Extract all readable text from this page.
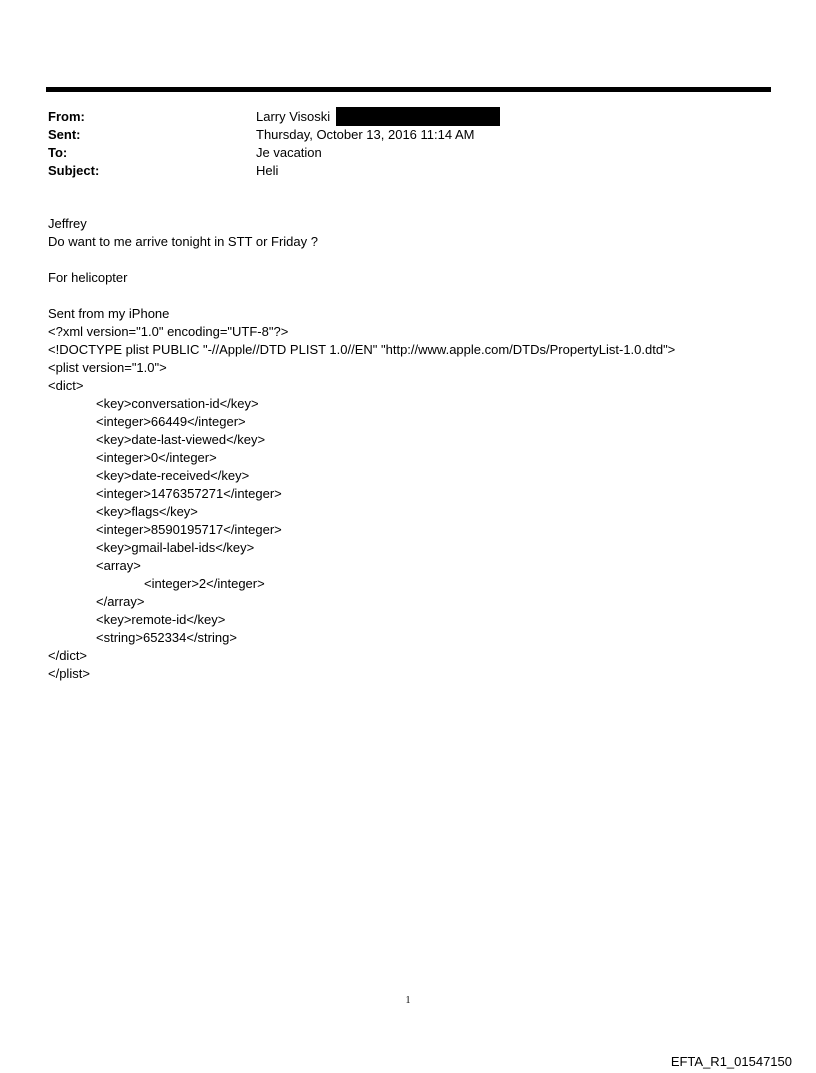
From:	Larry Visoski
Sent:	Thursday, October 13, 2016 11:14 AM
To:	Je vacation
Subject:	Heli
Jeffrey
Do want to me arrive tonight in STT or Friday ?
For helicopter
Sent from my iPhone
<?xml version="1.0" encoding="UTF-8"?>
<!DOCTYPE plist PUBLIC "-//Apple//DTD PLIST 1.0//EN" "http://www.apple.com/DTDs/PropertyList-1.0.dtd">
<plist version="1.0">
<dict>
<key>conversation-id</key>
<integer>66449</integer>
<key>date-last-viewed</key>
<integer>0</integer>
<key>date-received</key>
<integer>1476357271</integer>
<key>flags</key>
<integer>8590195717</integer>
<key>gmail-label-ids</key>
<array>
<integer>2</integer>
</array>
<key>remote-id</key>
<string>652334</string>
</dict>
</plist>
1
EFTA_R1_01547150
